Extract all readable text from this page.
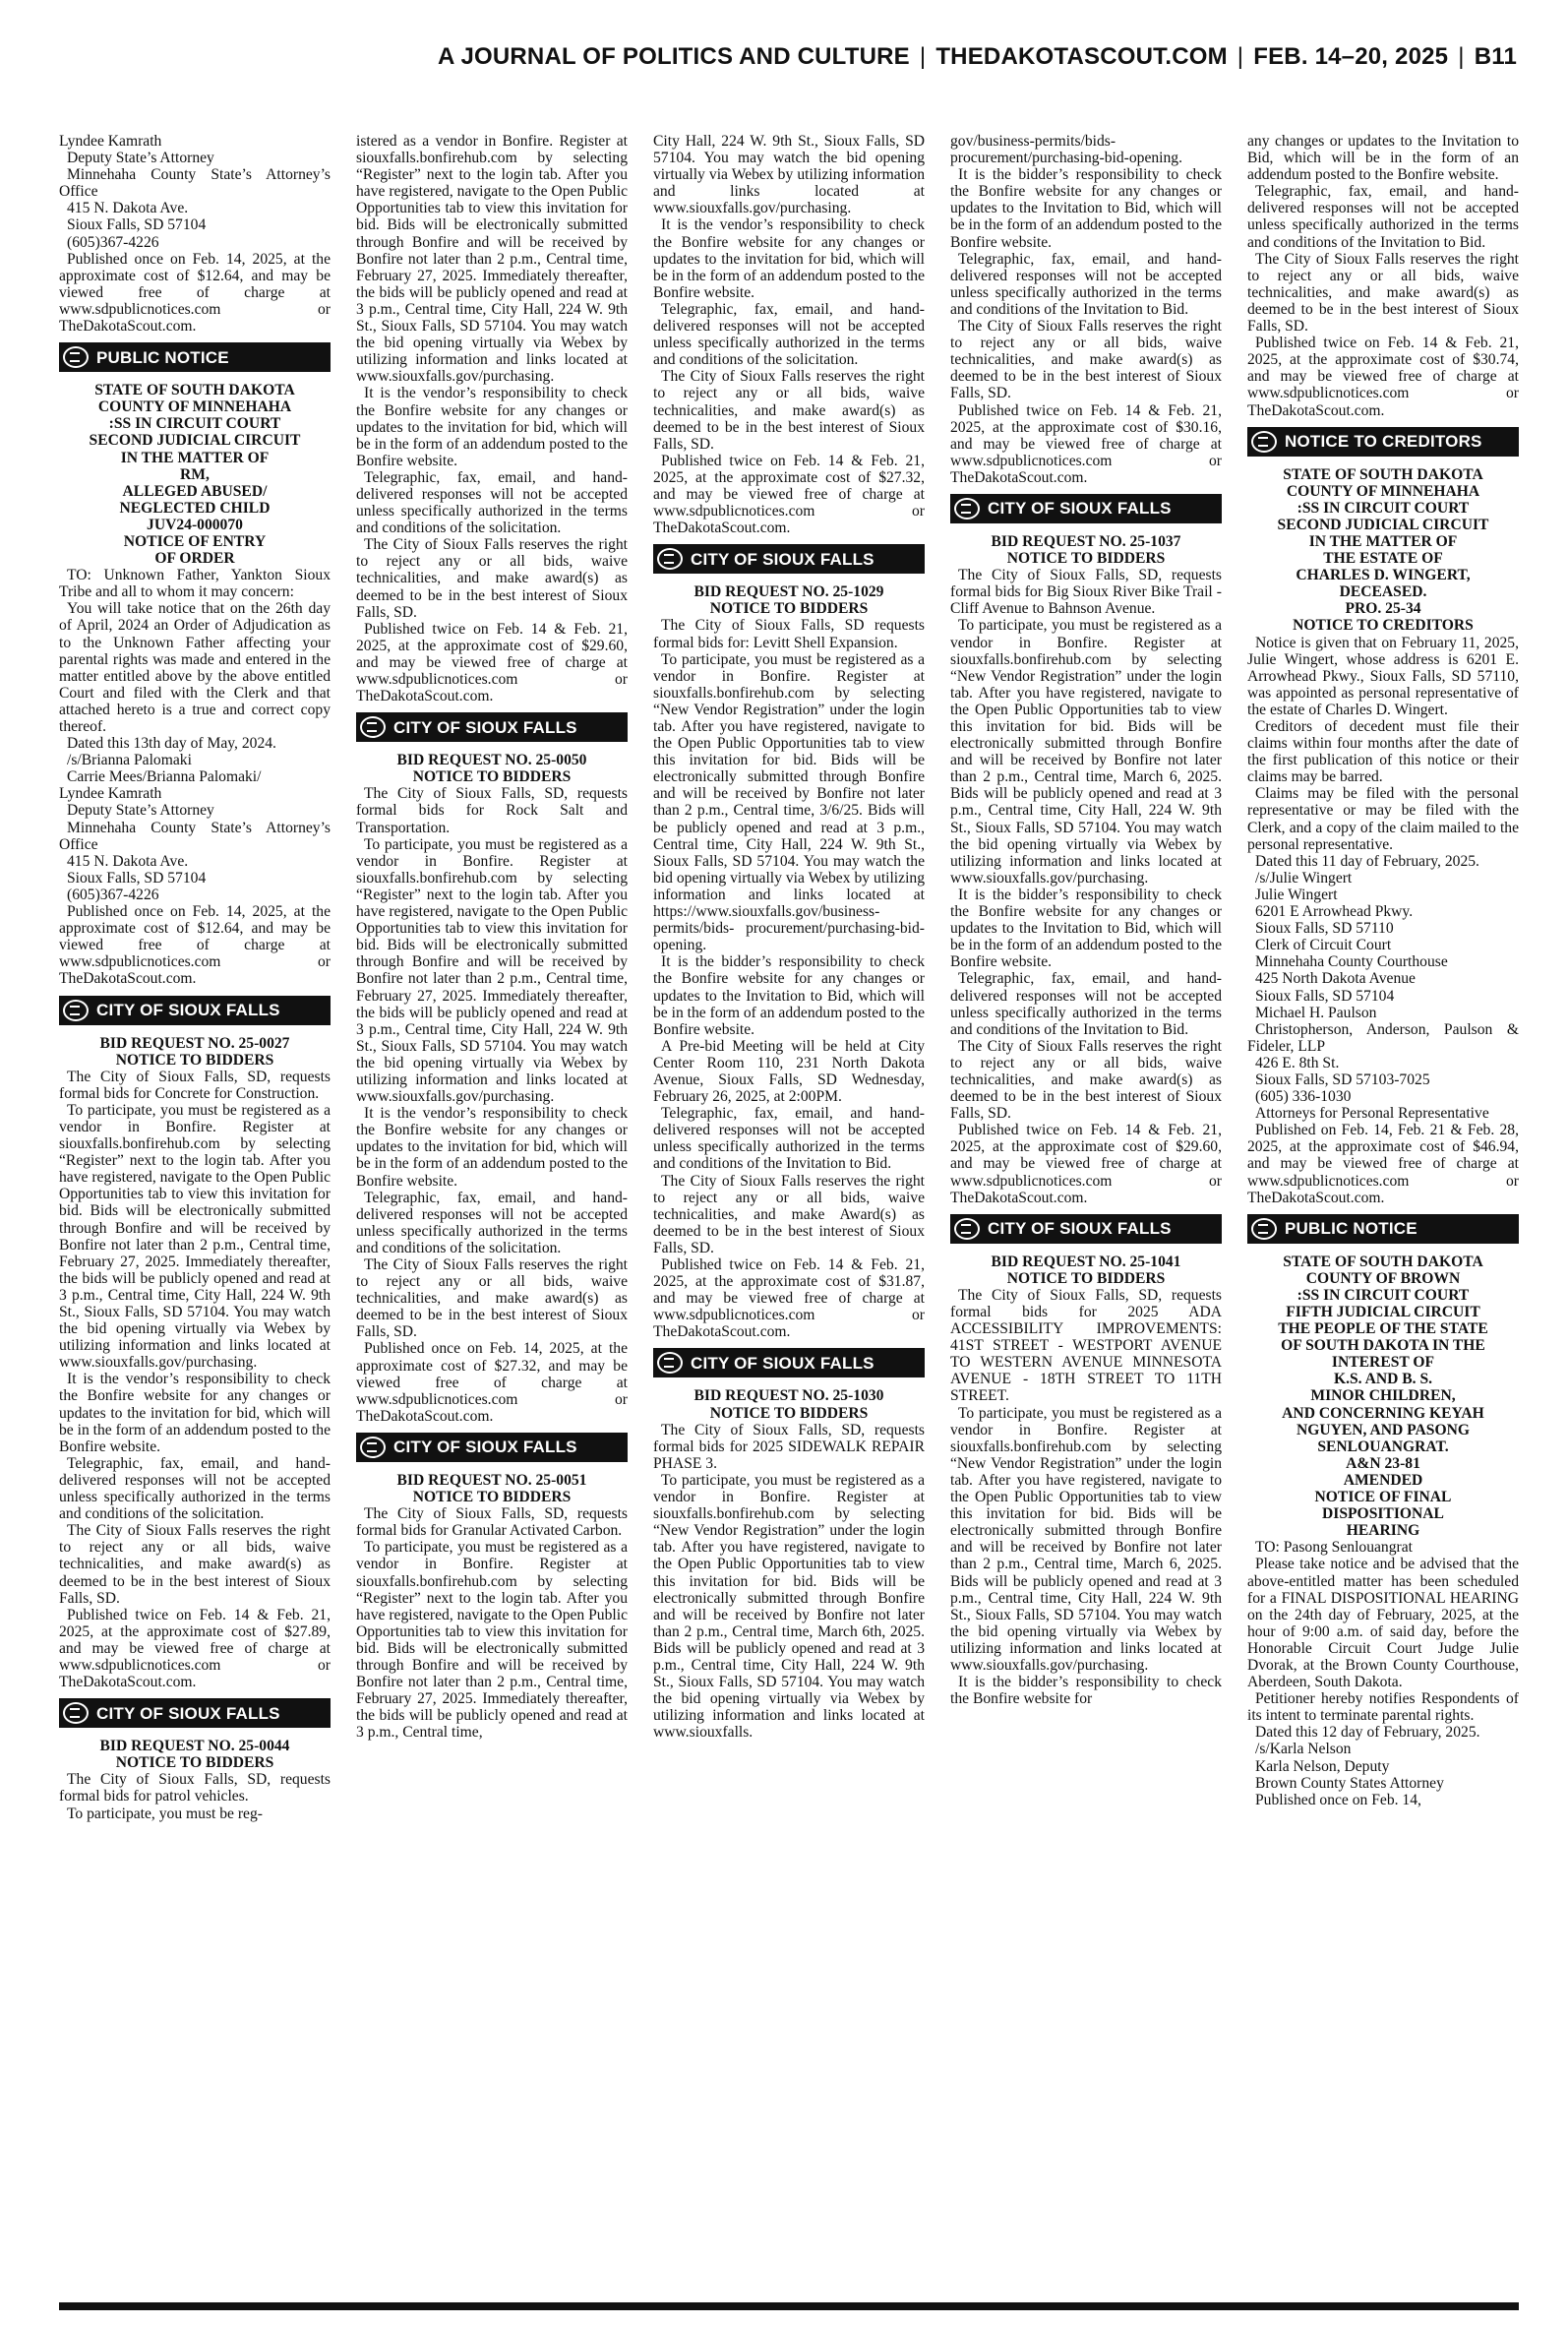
A JOURNAL OF POLITICS AND CULTURE | THEDAKOTASCOUT.COM | FEB. 14–20, 2025 | B11

Lyndee Kamrath

Deputy State’s Attorney

Minnehaha County State’s Attorney’s Office

415 N. Dakota Ave.

Sioux Falls, SD 57104

(605)367-4226

Published once on Feb. 14, 2025, at the approximate cost of $12.64, and may be viewed free of charge at www.sdpublicnotices.com or TheDakotaScout.com.

PUBLIC NOTICE

STATE OF SOUTH DAKOTA

COUNTY OF MINNEHAHA

:SS IN CIRCUIT COURT

SECOND JUDICIAL CIRCUIT

IN THE MATTER OF

RM,

ALLEGED ABUSED/

NEGLECTED CHILD

JUV24-000070

NOTICE OF ENTRY

OF ORDER

TO: Unknown Father, Yankton Sioux Tribe and all to whom it may concern:

You will take notice that on the 26th day of April, 2024 an Order of Adjudication as to the Unknown Father affecting your parental rights was made and entered in the matter entitled above by the above entitled Court and filed with the Clerk and that attached hereto is a true and correct copy thereof.

Dated this 13th day of May, 2024.

/s/Brianna Palomaki

Carrie Mees/Brianna Palomaki/

Lyndee Kamrath

Deputy State’s Attorney

Minnehaha County State’s Attorney’s Office

415 N. Dakota Ave.

Sioux Falls, SD 57104

(605)367-4226

Published once on Feb. 14, 2025, at the approximate cost of $12.64, and may be viewed free of charge at www.sdpublicnotices.com or TheDakotaScout.com.

CITY OF SIOUX FALLS

BID REQUEST NO. 25-0027

NOTICE TO BIDDERS

The City of Sioux Falls, SD, requests formal bids for Concrete for Construction.

To participate, you must be registered as a vendor in Bonfire. Register at siouxfalls.bonfirehub.com by selecting “Register” next to the login tab. After you have registered, navigate to the Open Public Opportunities tab to view this invitation for bid. Bids will be electronically submitted through Bonfire and will be received by Bonfire not later than 2 p.m., Central time, February 27, 2025. Immediately thereafter, the bids will be publicly opened and read at 3 p.m., Central time, City Hall, 224 W. 9th St., Sioux Falls, SD 57104. You may watch the bid opening virtually via Webex by utilizing information and links located at www.siouxfalls.gov/purchasing.

It is the vendor’s responsibility to check the Bonfire website for any changes or updates to the invitation for bid, which will be in the form of an addendum posted to the Bonfire website.

Telegraphic, fax, email, and hand-delivered responses will not be accepted unless specifically authorized in the terms and conditions of the solicitation.

The City of Sioux Falls reserves the right to reject any or all bids, waive technicalities, and make award(s) as deemed to be in the best interest of Sioux Falls, SD.

Published twice on Feb. 14 & Feb. 21, 2025, at the approximate cost of $27.89, and may be viewed free of charge at www.sdpublicnotices.com or TheDakotaScout.com.

CITY OF SIOUX FALLS

BID REQUEST NO. 25-0044

NOTICE TO BIDDERS

The City of Sioux Falls, SD, requests formal bids for patrol vehicles.

To participate, you must be reg-

istered as a vendor in Bonfire. Register at siouxfalls.bonfirehub.com by selecting “Register” next to the login tab. After you have registered, navigate to the Open Public Opportunities tab to view this invitation for bid. Bids will be electronically submitted through Bonfire and will be received by Bonfire not later than 2 p.m., Central time, February 27, 2025. Immediately thereafter, the bids will be publicly opened and read at 3 p.m., Central time, City Hall, 224 W. 9th St., Sioux Falls, SD 57104. You may watch the bid opening virtually via Webex by utilizing information and links located at www.siouxfalls.gov/purchasing.

It is the vendor’s responsibility to check the Bonfire website for any changes or updates to the invitation for bid, which will be in the form of an addendum posted to the Bonfire website.

Telegraphic, fax, email, and hand-delivered responses will not be accepted unless specifically authorized in the terms and conditions of the solicitation.

The City of Sioux Falls reserves the right to reject any or all bids, waive technicalities, and make award(s) as deemed to be in the best interest of Sioux Falls, SD.

Published twice on Feb. 14 & Feb. 21, 2025, at the approximate cost of $29.60, and may be viewed free of charge at www.sdpublicnotices.com or TheDakotaScout.com.

CITY OF SIOUX FALLS

BID REQUEST NO. 25-0050

NOTICE TO BIDDERS

The City of Sioux Falls, SD, requests formal bids for Rock Salt and Transportation.

To participate, you must be registered as a vendor in Bonfire. Register at siouxfalls.bonfirehub.com by selecting “Register” next to the login tab. After you have registered, navigate to the Open Public Opportunities tab to view this invitation for bid. Bids will be electronically submitted through Bonfire and will be received by Bonfire not later than 2 p.m., Central time, February 27, 2025. Immediately thereafter, the bids will be publicly opened and read at 3 p.m., Central time, City Hall, 224 W. 9th St., Sioux Falls, SD 57104. You may watch the bid opening virtually via Webex by utilizing information and links located at www.siouxfalls.gov/purchasing.

It is the vendor’s responsibility to check the Bonfire website for any changes or updates to the invitation for bid, which will be in the form of an addendum posted to the Bonfire website.

Telegraphic, fax, email, and hand-delivered responses will not be accepted unless specifically authorized in the terms and conditions of the solicitation.

The City of Sioux Falls reserves the right to reject any or all bids, waive technicalities, and make award(s) as deemed to be in the best interest of Sioux Falls, SD.

Published once on Feb. 14, 2025, at the approximate cost of $27.32, and may be viewed free of charge at www.sdpublicnotices.com or TheDakotaScout.com.

CITY OF SIOUX FALLS

BID REQUEST NO. 25-0051

NOTICE TO BIDDERS

The City of Sioux Falls, SD, requests formal bids for Granular Activated Carbon.

To participate, you must be registered as a vendor in Bonfire. Register at siouxfalls.bonfirehub.com by selecting “Register” next to the login tab. After you have registered, navigate to the Open Public Opportunities tab to view this invitation for bid. Bids will be electronically submitted through Bonfire and will be received by Bonfire not later than 2 p.m., Central time, February 27, 2025. Immediately thereafter, the bids will be publicly opened and read at 3 p.m., Central time,

City Hall, 224 W. 9th St., Sioux Falls, SD 57104. You may watch the bid opening virtually via Webex by utilizing information and links located at www.siouxfalls.gov/purchasing.

It is the vendor’s responsibility to check the Bonfire website for any changes or updates to the invitation for bid, which will be in the form of an addendum posted to the Bonfire website.

Telegraphic, fax, email, and hand-delivered responses will not be accepted unless specifically authorized in the terms and conditions of the solicitation.

The City of Sioux Falls reserves the right to reject any or all bids, waive technicalities, and make award(s) as deemed to be in the best interest of Sioux Falls, SD.

Published twice on Feb. 14 & Feb. 21, 2025, at the approximate cost of $27.32, and may be viewed free of charge at www.sdpublicnotices.com or TheDakotaScout.com.

CITY OF SIOUX FALLS

BID REQUEST NO. 25-1029

NOTICE TO BIDDERS

The City of Sioux Falls, SD requests formal bids for: Levitt Shell Expansion.

To participate, you must be registered as a vendor in Bonfire. Register at siouxfalls.bonfirehub.com by selecting “New Vendor Registration” under the login tab. After you have registered, navigate to the Open Public Opportunities tab to view this invitation for bid. Bids will be electronically submitted through Bonfire and will be received by Bonfire not later than 2 p.m., Central time, 3/6/25. Bids will be publicly opened and read at 3 p.m., Central time, City Hall, 224 W. 9th St., Sioux Falls, SD 57104. You may watch the bid opening virtually via Webex by utilizing information and links located at https://www.siouxfalls.gov/business-permits/bids- procurement/purchasing-bid-opening.

It is the bidder’s responsibility to check the Bonfire website for any changes or updates to the Invitation to Bid, which will be in the form of an addendum posted to the Bonfire website.

A Pre-bid Meeting will be held at City Center Room 110, 231 North Dakota Avenue, Sioux Falls, SD Wednesday, February 26, 2025, at 2:00PM.

Telegraphic, fax, email, and hand-delivered responses will not be accepted unless specifically authorized in the terms and conditions of the Invitation to Bid.

The City of Sioux Falls reserves the right to reject any or all bids, waive technicalities, and make Award(s) as deemed to be in the best interest of Sioux Falls, SD.

Published twice on Feb. 14 & Feb. 21, 2025, at the approximate cost of $31.87, and may be viewed free of charge at www.sdpublicnotices.com or TheDakotaScout.com.

CITY OF SIOUX FALLS

BID REQUEST NO. 25-1030

NOTICE TO BIDDERS

The City of Sioux Falls, SD, requests formal bids for 2025 SIDEWALK REPAIR PHASE 3.

To participate, you must be registered as a vendor in Bonfire. Register at siouxfalls.bonfirehub.com by selecting “New Vendor Registration” under the login tab. After you have registered, navigate to the Open Public Opportunities tab to view this invitation for bid. Bids will be electronically submitted through Bonfire and will be received by Bonfire not later than 2 p.m., Central time, March 6th, 2025. Bids will be publicly opened and read at 3 p.m., Central time, City Hall, 224 W. 9th St., Sioux Falls, SD 57104. You may watch the bid opening virtually via Webex by utilizing information and links located at www.siouxfalls.

gov/business-permits/bids-procurement/purchasing-bid-opening.

It is the bidder’s responsibility to check the Bonfire website for any changes or updates to the Invitation to Bid, which will be in the form of an addendum posted to the Bonfire website.

Telegraphic, fax, email, and hand-delivered responses will not be accepted unless specifically authorized in the terms and conditions of the Invitation to Bid.

The City of Sioux Falls reserves the right to reject any or all bids, waive technicalities, and make award(s) as deemed to be in the best interest of Sioux Falls, SD.

Published twice on Feb. 14 & Feb. 21, 2025, at the approximate cost of $30.16, and may be viewed free of charge at www.sdpublicnotices.com or TheDakotaScout.com.

CITY OF SIOUX FALLS

BID REQUEST NO. 25-1037

NOTICE TO BIDDERS

The City of Sioux Falls, SD, requests formal bids for Big Sioux River Bike Trail - Cliff Avenue to Bahnson Avenue.

To participate, you must be registered as a vendor in Bonfire. Register at siouxfalls.bonfirehub.com by selecting “New Vendor Registration” under the login tab. After you have registered, navigate to the Open Public Opportunities tab to view this invitation for bid. Bids will be electronically submitted through Bonfire and will be received by Bonfire not later than 2 p.m., Central time, March 6, 2025. Bids will be publicly opened and read at 3 p.m., Central time, City Hall, 224 W. 9th St., Sioux Falls, SD 57104. You may watch the bid opening virtually via Webex by utilizing information and links located at www.siouxfalls.gov/purchasing.

It is the bidder’s responsibility to check the Bonfire website for any changes or updates to the Invitation to Bid, which will be in the form of an addendum posted to the Bonfire website.

Telegraphic, fax, email, and hand-delivered responses will not be accepted unless specifically authorized in the terms and conditions of the Invitation to Bid.

The City of Sioux Falls reserves the right to reject any or all bids, waive technicalities, and make award(s) as deemed to be in the best interest of Sioux Falls, SD.

Published twice on Feb. 14 & Feb. 21, 2025, at the approximate cost of $29.60, and may be viewed free of charge at www.sdpublicnotices.com or TheDakotaScout.com.

CITY OF SIOUX FALLS

BID REQUEST NO. 25-1041

NOTICE TO BIDDERS

The City of Sioux Falls, SD, requests formal bids for 2025 ADA ACCESSIBILITY IMPROVEMENTS: 41ST STREET - WESTPORT AVENUE TO WESTERN AVENUE MINNESOTA AVENUE - 18TH STREET TO 11TH STREET.

To participate, you must be registered as a vendor in Bonfire. Register at siouxfalls.bonfirehub.com by selecting “New Vendor Registration” under the login tab. After you have registered, navigate to the Open Public Opportunities tab to view this invitation for bid. Bids will be electronically submitted through Bonfire and will be received by Bonfire not later than 2 p.m., Central time, March 6, 2025. Bids will be publicly opened and read at 3 p.m., Central time, City Hall, 224 W. 9th St., Sioux Falls, SD 57104. You may watch the bid opening virtually via Webex by utilizing information and links located at www.siouxfalls.gov/purchasing.

It is the bidder’s responsibility to check the Bonfire website for

any changes or updates to the Invitation to Bid, which will be in the form of an addendum posted to the Bonfire website.

Telegraphic, fax, email, and hand-delivered responses will not be accepted unless specifically authorized in the terms and conditions of the Invitation to Bid.

The City of Sioux Falls reserves the right to reject any or all bids, waive technicalities, and make award(s) as deemed to be in the best interest of Sioux Falls, SD.

Published twice on Feb. 14 & Feb. 21, 2025, at the approximate cost of $30.74, and may be viewed free of charge at www.sdpublicnotices.com or TheDakotaScout.com.

NOTICE TO CREDITORS

STATE OF SOUTH DAKOTA

COUNTY OF MINNEHAHA

:SS IN CIRCUIT COURT

SECOND JUDICIAL CIRCUIT

IN THE MATTER OF

THE ESTATE OF

CHARLES D. WINGERT,

DECEASED.

PRO. 25-34

NOTICE TO CREDITORS

Notice is given that on February 11, 2025, Julie Wingert, whose address is 6201 E. Arrowhead Pkwy., Sioux Falls, SD 57110, was appointed as personal representative of the estate of Charles D. Wingert.

Creditors of decedent must file their claims within four months after the date of the first publication of this notice or their claims may be barred.

Claims may be filed with the personal representative or may be filed with the Clerk, and a copy of the claim mailed to the personal representative.

Dated this 11 day of February, 2025.

/s/Julie Wingert

Julie Wingert

6201 E Arrowhead Pkwy.

Sioux Falls, SD 57110

Clerk of Circuit Court

Minnehaha County Courthouse

425 North Dakota Avenue

Sioux Falls, SD 57104

Michael H. Paulson

Christopherson, Anderson, Paulson & Fideler, LLP

426 E. 8th St.

Sioux Falls, SD 57103-7025

(605) 336-1030

Attorneys for Personal Representative

Published on Feb. 14, Feb. 21 & Feb. 28, 2025, at the approximate cost of $46.94, and may be viewed free of charge at www.sdpublicnotices.com or TheDakotaScout.com.

PUBLIC NOTICE

STATE OF SOUTH DAKOTA

COUNTY OF BROWN

:SS IN CIRCUIT COURT

FIFTH JUDICIAL CIRCUIT

THE PEOPLE OF THE STATE

OF SOUTH DAKOTA IN THE

INTEREST OF

K.S. AND B. S.

MINOR CHILDREN,

AND CONCERNING KEYAH

NGUYEN, AND PASONG

SENLOUANGRAT.

A&N 23-81

AMENDED

NOTICE OF FINAL

DISPOSITIONAL

HEARING

TO: Pasong Senlouangrat

Please take notice and be advised that the above-entitled matter has been scheduled for a FINAL DISPOSITIONAL HEARING on the 24th day of February, 2025, at the hour of 9:00 a.m. of said day, before the Honorable Circuit Court Judge Julie Dvorak, at the Brown County Courthouse, Aberdeen, South Dakota.

Petitioner hereby notifies Respondents of its intent to terminate parental rights.

Dated this 12 day of February, 2025.

/s/Karla Nelson

Karla Nelson, Deputy

Brown County States Attorney

Published once on Feb. 14,
